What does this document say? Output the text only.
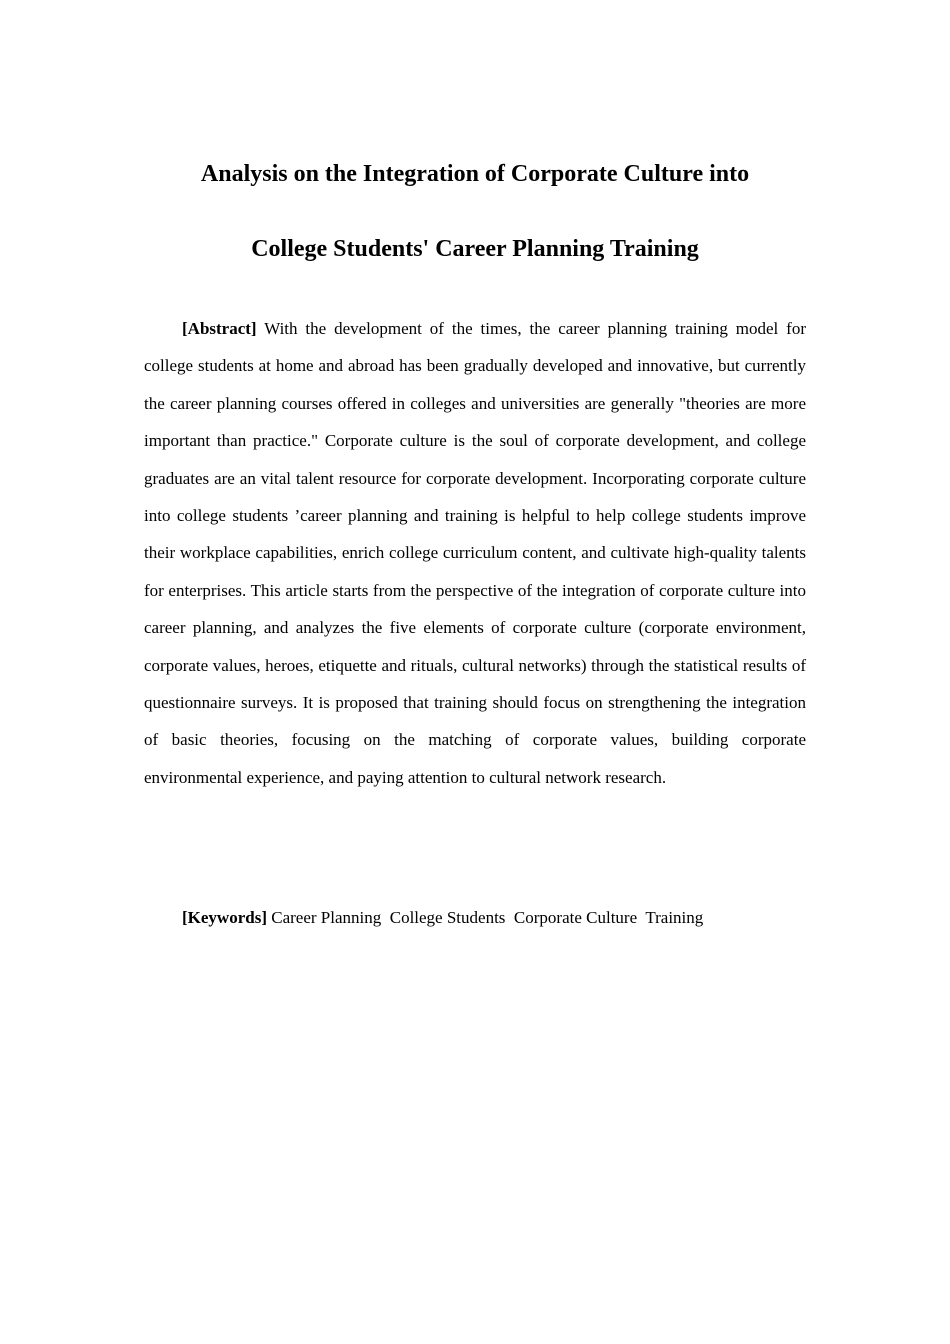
Analysis on the Integration of Corporate Culture into
College Students' Career Planning Training

[Abstract] With the development of the times, the career planning training model for college students at home and abroad has been gradually developed and innovative, but currently the career planning courses offered in colleges and universities are generally "theories are more important than practice." Corporate culture is the soul of corporate development, and college graduates are an vital talent resource for corporate development. Incorporating corporate culture into college students ’career planning and training is helpful to help college students improve their workplace capabilities, enrich college curriculum content, and cultivate high-quality talents for enterprises. This article starts from the perspective of the integration of corporate culture into career planning, and analyzes the five elements of corporate culture (corporate environment, corporate values, heroes, etiquette and rituals, cultural networks) through the statistical results of questionnaire surveys. It is proposed that training should focus on strengthening the integration of basic theories, focusing on the matching of corporate values, building corporate environmental experience, and paying attention to cultural network research.

[Keywords] Career Planning  College Students  Corporate Culture  Training
